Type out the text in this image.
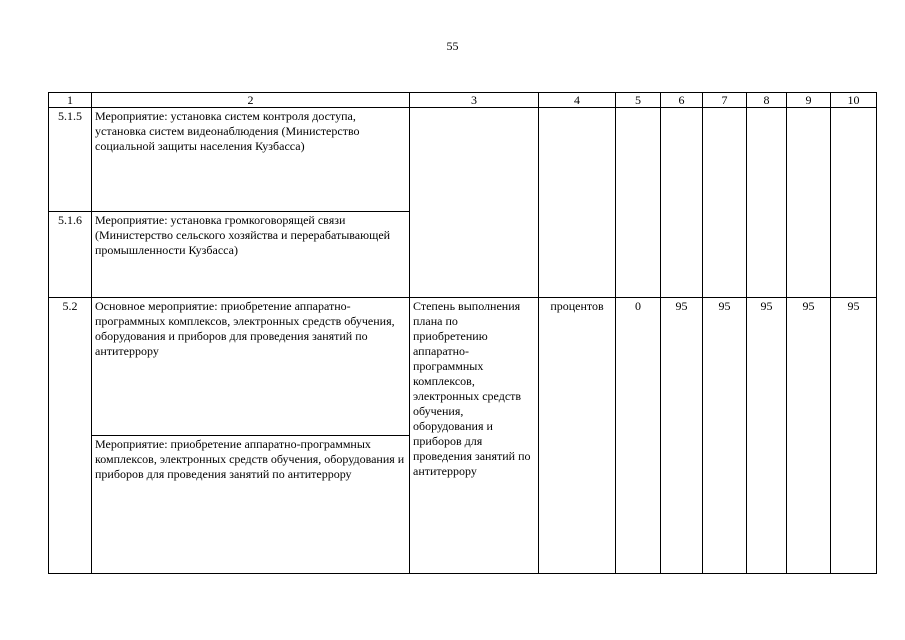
55
1	2	3	4	5	6	7	8	9	10
5.1.5	Мероприятие: установка систем контроля доступа, установка систем видеонаблюдения (Министерство социальной защиты населения Кузбасса)								
5.1.6	Мероприятие: установка громкоговорящей связи (Министерство сельского хозяйства и перерабатывающей промышленности Кузбасса)								
5.2	Основное мероприятие: приобретение аппаратно-программных комплексов, электронных средств обучения, оборудования и приборов для проведения занятий по антитеррору	Степень выполнения плана по приобретению аппаратно-программных комплексов, электронных средств обучения, оборудования и приборов для проведения занятий по антитеррору	процентов	0	95	95	95	95	95
	Мероприятие: приобретение аппаратно-программных комплексов, электронных средств обучения, оборудования и приборов для проведения занятий по антитеррору								
